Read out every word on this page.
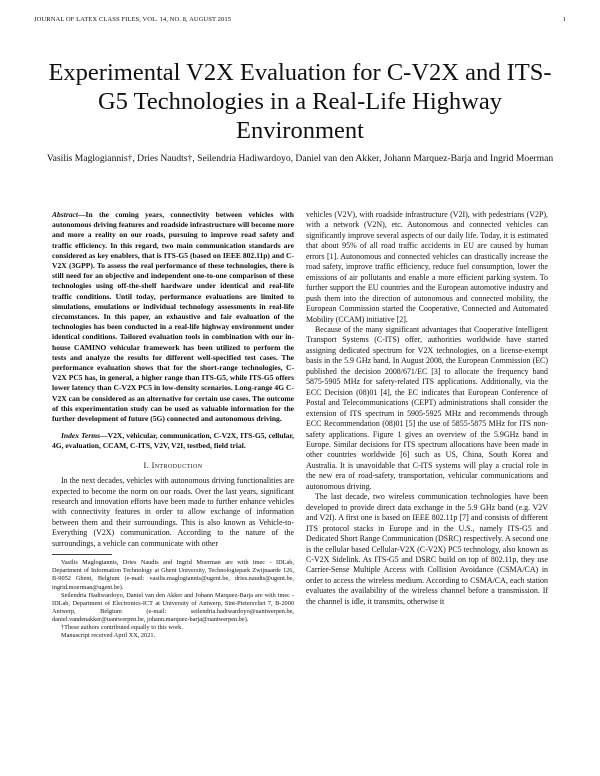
JOURNAL OF LATEX CLASS FILES, VOL. 14, NO. 8, AUGUST 2015	1
Experimental V2X Evaluation for C-V2X and ITS-G5 Technologies in a Real-Life Highway Environment
Vasilis Maglogiannis†, Dries Naudts†, Seilendria Hadiwardoyo, Daniel van den Akker, Johann Marquez-Barja and Ingrid Moerman
Abstract—In the coming years, connectivity between vehicles with autonomous driving features and roadside infrastructure will become more and more a reality on our roads, pursuing to improve road safety and traffic efficiency. In this regard, two main communication standards are considered as key enablers, that is ITS-G5 (based on IEEE 802.11p) and C-V2X (3GPP). To assess the real performance of these technologies, there is still need for an objective and independent one-to-one comparison of these technologies using off-the-shelf hardware under identical and real-life traffic conditions. Until today, performance evaluations are limited to simulations, emulations or individual technology assessments in real-life circumstances. In this paper, an exhaustive and fair evaluation of the technologies has been conducted in a real-life highway environment under identical conditions. Tailored evaluation tools in combination with our in-house CAMINO vehicular framework has been utilized to perform the tests and analyze the results for different well-specified test cases. The performance evaluation shows that for the short-range technologies, C-V2X PC5 has, in general, a higher range than ITS-G5, while ITS-G5 offers lower latency than C-V2X PC5 in low-density scenarios. Long-range 4G C-V2X can be considered as an alternative for certain use cases. The outcome of this experimentation study can be used as valuable information for the further development of future (5G) connected and autonomous driving.
Index Terms—V2X, vehicular, communication, C-V2X, ITS-G5, cellular, 4G, evaluation, CCAM, C-ITS, V2V, V2I, testbed, field trial.
I. Introduction

In the next decades, vehicles with autonomous driving functionalities are expected to become the norm on our roads. Over the last years, significant research and innovation efforts have been made to further enhance vehicles with connectivity features in order to allow exchange of information between them and their surroundings. This is also known as Vehicle-to-Everything (V2X) communication. According to the nature of the surroundings, a vehicle can communicate with other

Vasilis Maglogiannis, Dries Naudts and Ingrid Moerman are with imec - IDLab, Department of Information Technology at Ghent University, Technologiepark Zwijnaarde 126, B-9052 Ghent, Belgium (e-mail: vasilis.maglogiannis@ugent.be, dries.naudts@ugent.be, ingrid.moerman@ugent.be).

Seilendria Hadiwardoyo, Daniel van den Akker and Johann Marquez-Barja are with imec - IDLab, Department of Electronics-ICT at University of Antwerp, Sint-Pietersvliet 7, B-2000 Antwerp, Belgium (e-mail: seilendria.hadiwardoyo@uantwerpen.be, daniel.vandenakker@uantwerpen.be, johann.marquez-barja@uantwerpen.be).

†These authors contributed equally to this work.

Manuscript received April XX, 2021.

vehicles (V2V), with roadside infrastructure (V2I), with pedestrians (V2P), with a network (V2N), etc. Autonomous and connected vehicles can significantly improve several aspects of our daily life. Today, it is estimated that about 95% of all road traffic accidents in EU are caused by human errors [1]. Autonomous and connected vehicles can drastically increase the road safety, improve traffic efficiency, reduce fuel consumption, lower the emissions of air pollutants and enable a more efficient parking system. To further support the EU countries and the European automotive industry and push them into the direction of autonomous and connected mobility, the European Commission started the Cooperative, Connected and Automated Mobility (CCAM) initiative [2].

Because of the many significant advantages that Cooperative Intelligent Transport Systems (C-ITS) offer, authorities worldwide have started assigning dedicated spectrum for V2X technologies, on a license-exempt basis in the 5.9 GHz band. In August 2008, the European Commission (EC) published the decision 2008/671/EC [3] to allocate the frequency band 5875-5905 MHz for safety-related ITS applications. Additionally, via the ECC Decision (08)01 [4], the EC indicates that European Conference of Postal and Telecommunications (CEPT) administrations shall consider the extension of ITS spectrum in 5905-5925 MHz and recommends through ECC Recommendation (08)01 [5] the use of 5855-5875 MHz for ITS non-safety applications. Figure 1 gives an overview of the 5.9GHz band in Europe. Similar decisions for ITS spectrum allocations have been made in other countries worldwide [6] such as US, China, South Korea and Australia. It is unavoidable that C-ITS systems will play a crucial role in the new era of road-safety, transportation, vehicular communications and autonomous driving.

The last decade, two wireless communication technologies have been developed to provide direct data exchange in the 5.9 GHz band (e.g. V2V and V2I). A first one is based on IEEE 802.11p [7] and consists of different ITS protocol stacks in Europe and in the U.S., namely ITS-G5 and Dedicated Short Range Communication (DSRC) respectively. A second one is the cellular based Cellular-V2X (C-V2X) PC5 technology, also known as C-V2X Sidelink. As ITS-G5 and DSRC build on top of 802.11p, they use Carrier-Sense Multiple Access with Collision Avoidance (CSMA/CA) in order to access the wireless medium. According to CSMA/CA, each station evaluates the availability of the wireless channel before a transmission. If the channel is idle, it transmits, otherwise it
